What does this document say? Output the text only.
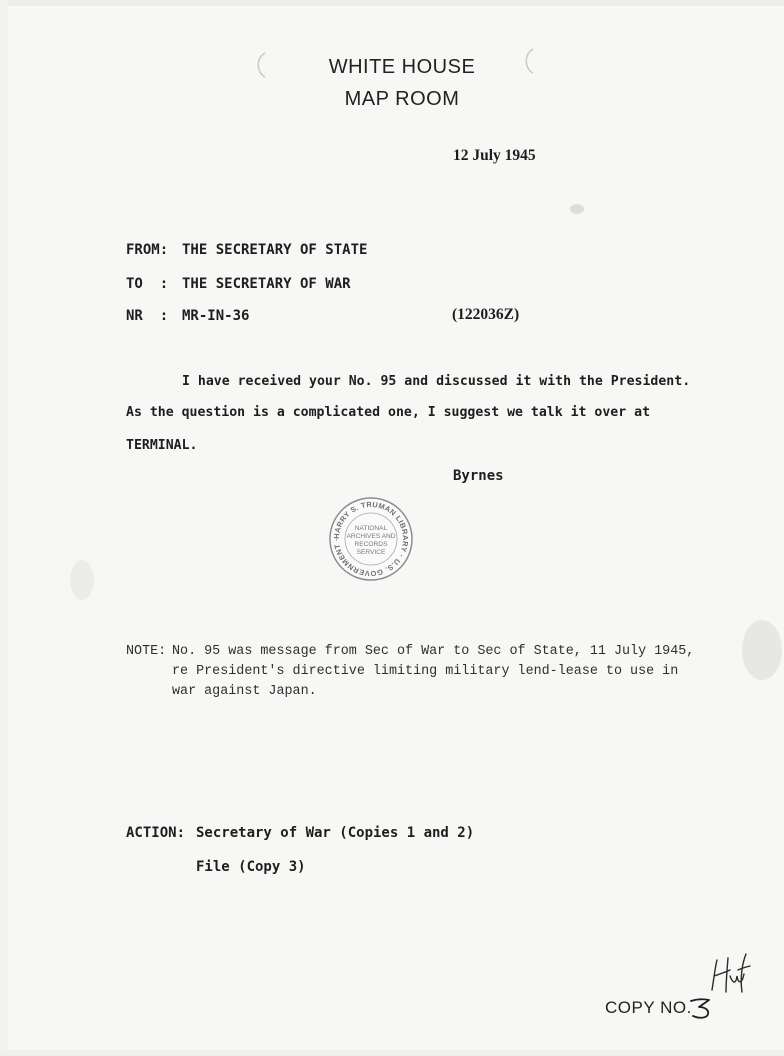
WHITE HOUSE
MAP ROOM
12 July 1945
FROM: THE SECRETARY OF STATE
TO  : THE SECRETARY OF WAR
NR  : MR-IN-36	(122036Z)
I have received your No. 95 and discussed it with the President.
As the question is a complicated one, I suggest we talk it over at
TERMINAL.
Byrnes
HARRY S. TRUMAN LIBRARY · U.S. GOVERNMENT ·
NATIONAL
ARCHIVES AND
RECORDS
SERVICE
NOTE: No. 95 was message from Sec of War to Sec of State, 11 July 1945,
re President's directive limiting military lend-lease to use in
war against Japan.
ACTION: Secretary of War (Copies 1 and 2)
File (Copy 3)
COPY NO.
